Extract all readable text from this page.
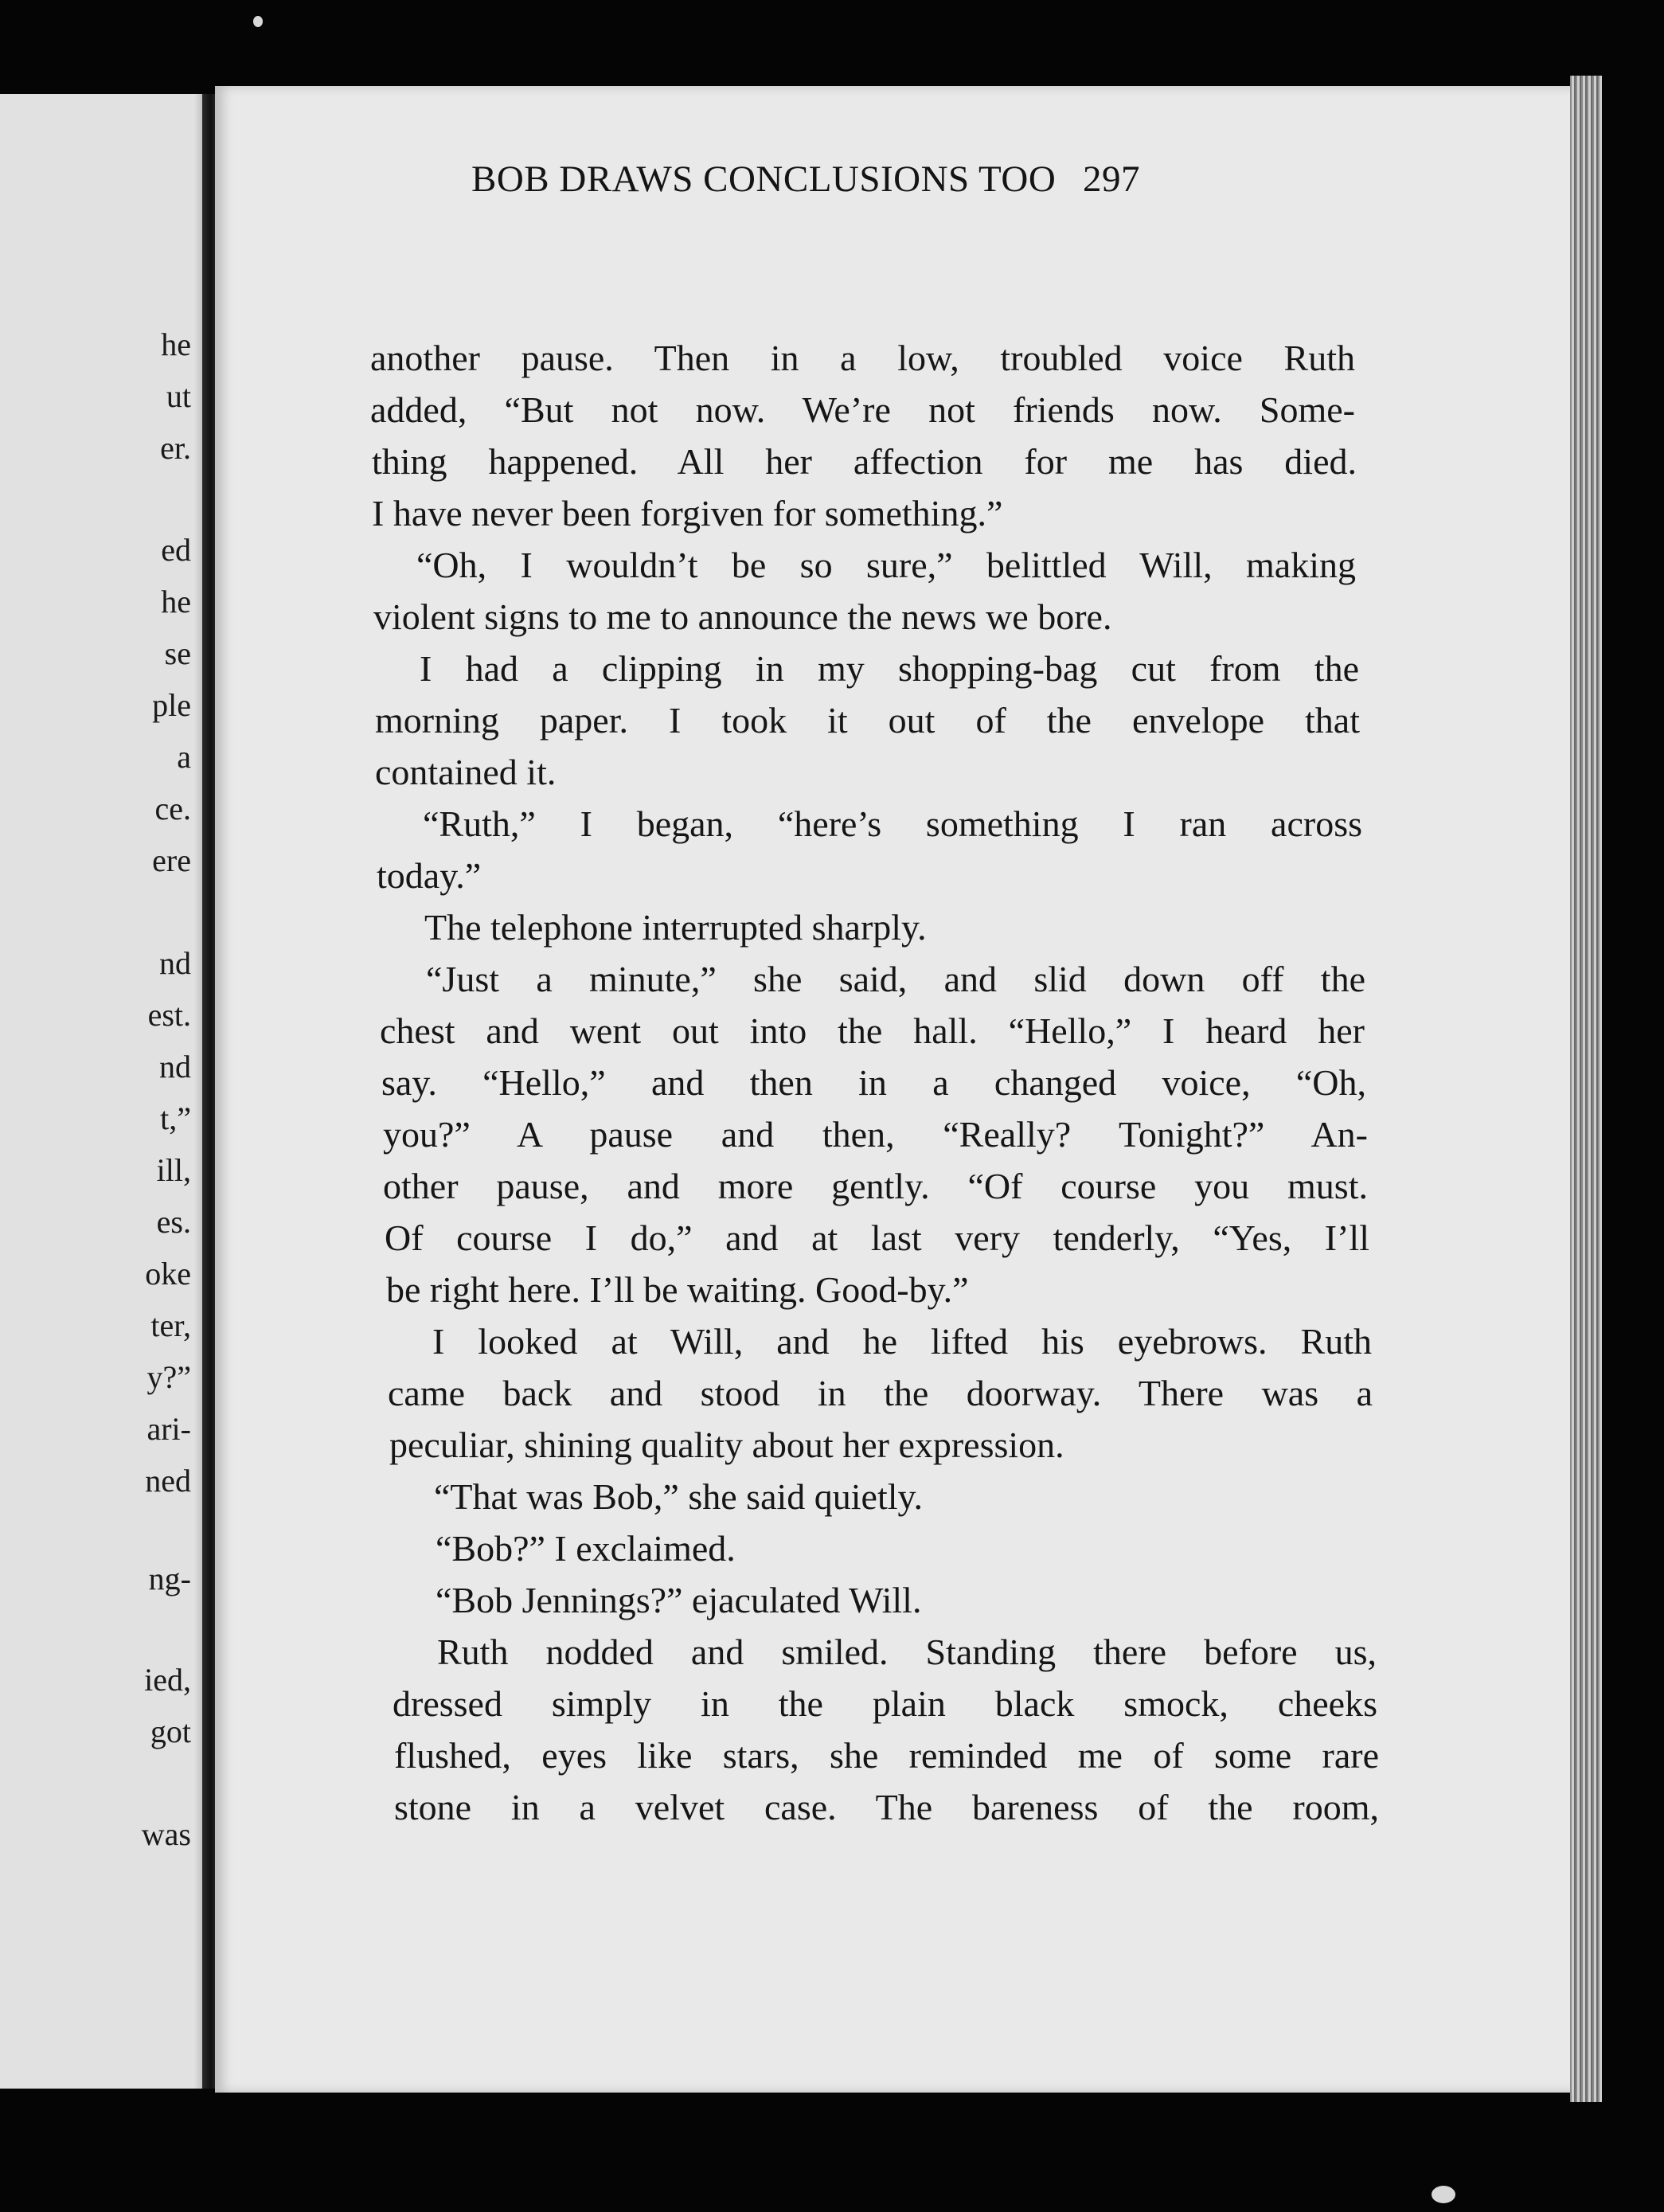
he

ut

er.

ed

he

se

ple

a

ce.

ere

nd

est.

nd

t,”

ill,

es.

oke

ter,

y?”

ari-

ned

ng-

ied,

got

was

BOB DRAWS CONCLUSIONS TOO 297

another pause. Then in a low, troubled voice Ruth

added, “But not now. We’re not friends now. Some-

thing happened. All her affection for me has died.

I have never been forgiven for something.”

“Oh, I wouldn’t be so sure,” belittled Will, making

violent signs to me to announce the news we bore.

I had a clipping in my shopping-bag cut from the

morning paper. I took it out of the envelope that

contained it.

“Ruth,” I began, “here’s something I ran across

today.”

The telephone interrupted sharply.

“Just a minute,” she said, and slid down off the

chest and went out into the hall. “Hello,” I heard her

say. “Hello,” and then in a changed voice, “Oh,

you?” A pause and then, “Really? Tonight?” An-

other pause, and more gently. “Of course you must.

Of course I do,” and at last very tenderly, “Yes, I’ll

be right here. I’ll be waiting. Good-by.”

I looked at Will, and he lifted his eyebrows. Ruth

came back and stood in the doorway. There was a

peculiar, shining quality about her expression.

“That was Bob,” she said quietly.

“Bob?” I exclaimed.

“Bob Jennings?” ejaculated Will.

Ruth nodded and smiled. Standing there before us,

dressed simply in the plain black smock, cheeks

flushed, eyes like stars, she reminded me of some rare

stone in a velvet case. The bareness of the room,
